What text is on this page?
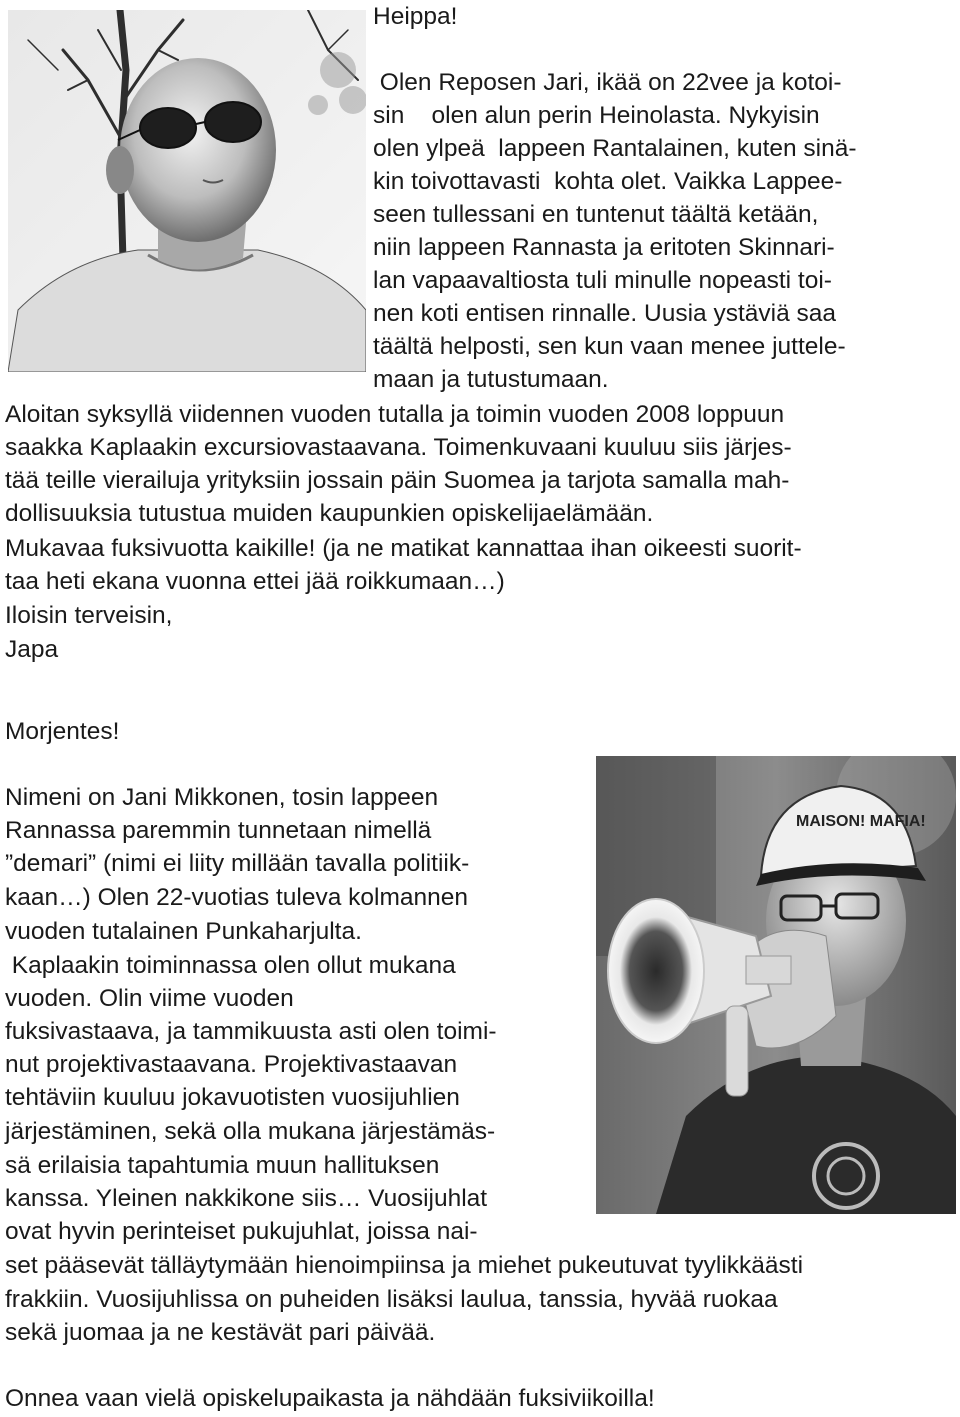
Heippa!

Olen Reposen Jari, ikää on 22vee ja kotoi-

sin    olen alun perin Heinolasta. Nykyisin

olen ylpeä  lappeen Rantalainen, kuten sinä-

kin toivottavasti  kohta olet. Vaikka Lappee-

seen tullessani en tuntenut täältä ketään,

niin lappeen Rannasta ja eritoten Skinnari-

lan vapaavaltiosta tuli minulle nopeasti toi-

nen koti entisen rinnalle. Uusia ystäviä saa

täältä helposti, sen kun vaan menee juttele-

maan ja tutustumaan.

Aloitan syksyllä viidennen vuoden tutalla ja toimin vuoden 2008 loppuun

saakka Kaplaakin excursiovastaavana. Toimenkuvaani kuuluu siis järjes-

tää teille vierailuja yrityksiin jossain päin Suomea ja tarjota samalla mah-

dollisuuksia tutustua muiden kaupunkien opiskelijaelämään.

Mukavaa fuksivuotta kaikille! (ja ne matikat kannattaa ihan oikeesti suorit-

taa heti ekana vuonna ettei jää roikkumaan…)

Iloisin terveisin,

Japa

Morjentes!

MAISON! MAFIA!

Nimeni on Jani Mikkonen, tosin lappeen

Rannassa paremmin tunnetaan nimellä

”demari” (nimi ei liity millään tavalla politiik-

kaan…) Olen 22-vuotias tuleva kolmannen

vuoden tutalainen Punkaharjulta.

Kaplaakin toiminnassa olen ollut mukana

vuoden. Olin viime vuoden

fuksivastaava, ja tammikuusta asti olen toimi-

nut projektivastaavana. Projektivastaavan

tehtäviin kuuluu jokavuotisten vuosijuhlien

järjestäminen, sekä olla mukana järjestämäs-

sä erilaisia tapahtumia muun hallituksen

kanssa. Yleinen nakkikone siis… Vuosijuhlat

ovat hyvin perinteiset pukujuhlat, joissa nai-

set pääsevät tälläytymään hienoimpiinsa ja miehet pukeutuvat tyylikkäästi

frakkiin. Vuosijuhlissa on puheiden lisäksi laulua, tanssia, hyvää ruokaa

sekä juomaa ja ne kestävät pari päivää.

Onnea vaan vielä opiskelupaikasta ja nähdään fuksiviikoilla!
